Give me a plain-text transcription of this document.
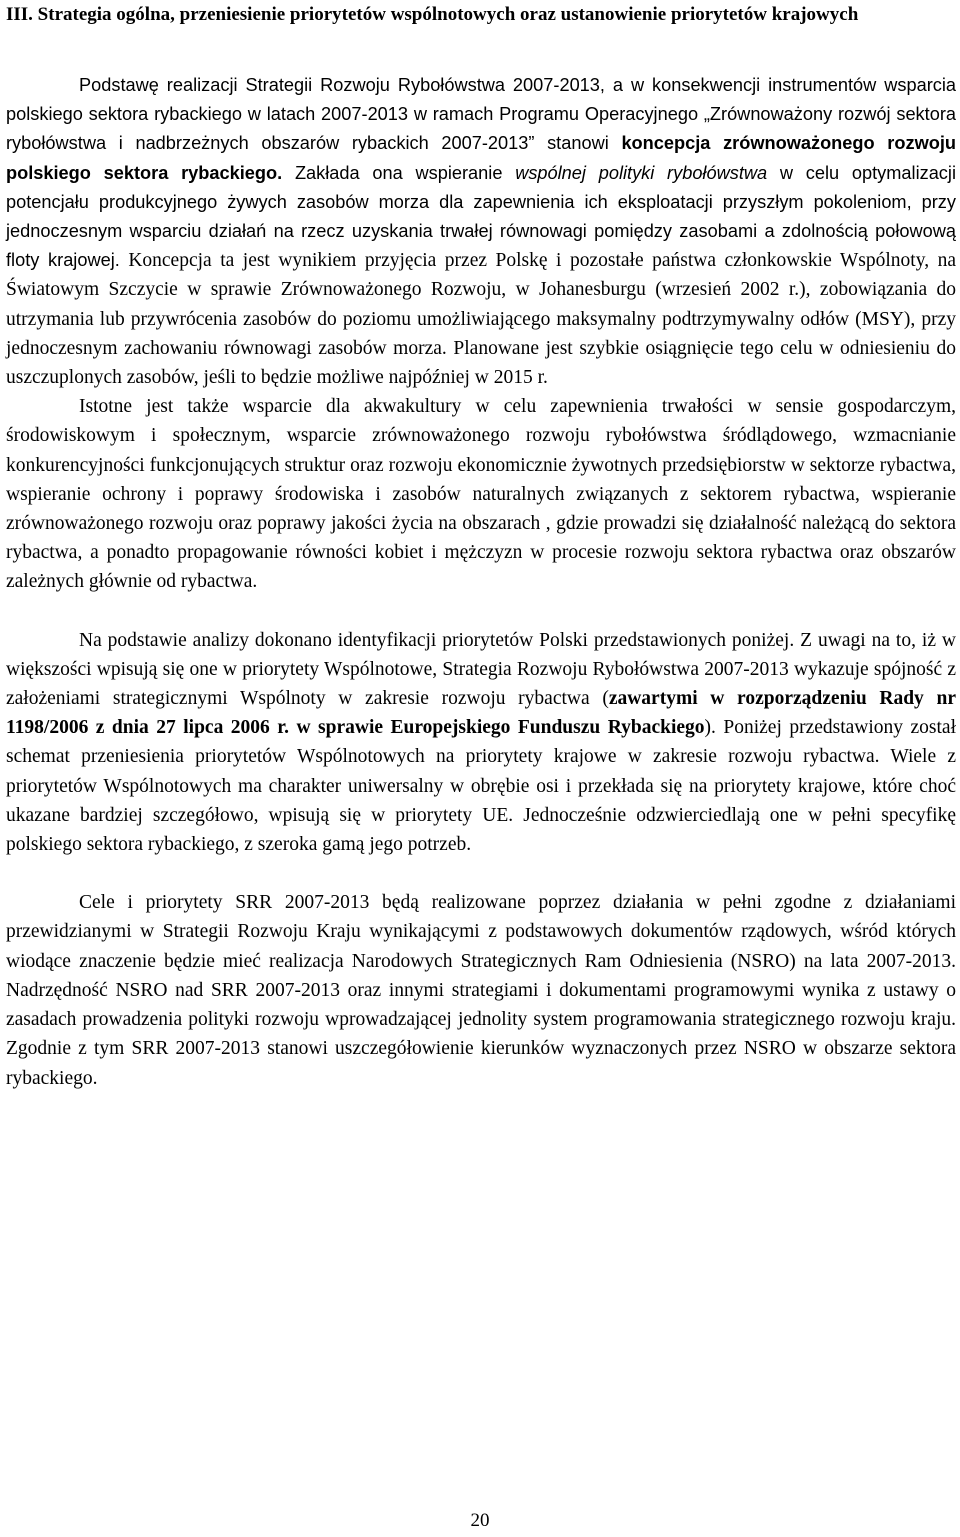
III. Strategia ogólna, przeniesienie priorytetów wspólnotowych oraz ustanowienie priorytetów krajowych

Podstawę realizacji Strategii Rozwoju Rybołówstwa 2007-2013, a w konsekwencji instrumentów wsparcia polskiego sektora rybackiego w latach 2007-2013 w ramach Programu Operacyjnego „Zrównoważony rozwój sektora rybołówstwa i nadbrzeżnych obszarów rybackich 2007-2013” stanowi koncepcja zrównoważonego rozwoju polskiego sektora rybackiego. Zakłada ona wspieranie wspólnej polityki rybołówstwa w celu optymalizacji potencjału produkcyjnego żywych zasobów morza dla zapewnienia ich eksploatacji przyszłym pokoleniom, przy jednoczesnym wsparciu działań na rzecz uzyskania trwałej równowagi pomiędzy zasobami a zdolnością połowową floty krajowej. Koncepcja ta jest wynikiem przyjęcia przez Polskę i pozostałe państwa członkowskie Wspólnoty, na Światowym Szczycie w sprawie Zrównoważonego Rozwoju, w Johanesburgu (wrzesień 2002 r.), zobowiązania do utrzymania lub przywrócenia zasobów do poziomu umożliwiającego maksymalny podtrzymywalny odłów (MSY), przy jednoczesnym zachowaniu równowagi zasobów morza. Planowane jest szybkie osiągnięcie tego celu w odniesieniu do uszczuplonych zasobów, jeśli to będzie możliwe najpóźniej w 2015 r.

Istotne jest także wsparcie dla akwakultury w celu zapewnienia trwałości w sensie gospodarczym, środowiskowym i społecznym, wsparcie zrównoważonego rozwoju rybołówstwa śródlądowego, wzmacnianie konkurencyjności funkcjonujących struktur oraz rozwoju ekonomicznie żywotnych przedsiębiorstw w sektorze rybactwa, wspieranie ochrony i poprawy środowiska i zasobów naturalnych związanych z sektorem rybactwa, wspieranie zrównoważonego rozwoju oraz poprawy jakości życia na obszarach , gdzie prowadzi się działalność należącą do sektora rybactwa, a ponadto propagowanie równości kobiet i mężczyzn w procesie rozwoju sektora rybactwa oraz obszarów zależnych głównie od rybactwa.

Na podstawie analizy dokonano identyfikacji priorytetów Polski przedstawionych poniżej. Z uwagi na to, iż w większości wpisują się one w priorytety Wspólnotowe, Strategia Rozwoju Rybołówstwa 2007-2013 wykazuje spójność z założeniami strategicznymi Wspólnoty w zakresie rozwoju rybactwa (zawartymi w rozporządzeniu Rady nr 1198/2006 z dnia 27 lipca 2006 r. w sprawie Europejskiego Funduszu Rybackiego). Poniżej przedstawiony został schemat przeniesienia priorytetów Wspólnotowych na priorytety krajowe w zakresie rozwoju rybactwa. Wiele z priorytetów Wspólnotowych ma charakter uniwersalny w obrębie osi i przekłada się na priorytety krajowe, które choć ukazane bardziej szczegółowo, wpisują się w priorytety UE. Jednocześnie odzwierciedlają one w pełni specyfikę polskiego sektora rybackiego, z szeroka gamą jego potrzeb.

Cele i priorytety SRR 2007-2013 będą realizowane poprzez działania w pełni zgodne z działaniami przewidzianymi w Strategii Rozwoju Kraju wynikającymi z podstawowych dokumentów rządowych, wśród których wiodące znaczenie będzie mieć realizacja Narodowych Strategicznych Ram Odniesienia (NSRO) na lata 2007-2013. Nadrzędność NSRO nad SRR 2007-2013 oraz innymi strategiami i dokumentami programowymi wynika z ustawy o zasadach prowadzenia polityki rozwoju wprowadzającej jednolity system programowania strategicznego rozwoju kraju. Zgodnie z tym SRR 2007-2013 stanowi uszczegółowienie kierunków wyznaczonych przez NSRO w obszarze sektora rybackiego.

20
